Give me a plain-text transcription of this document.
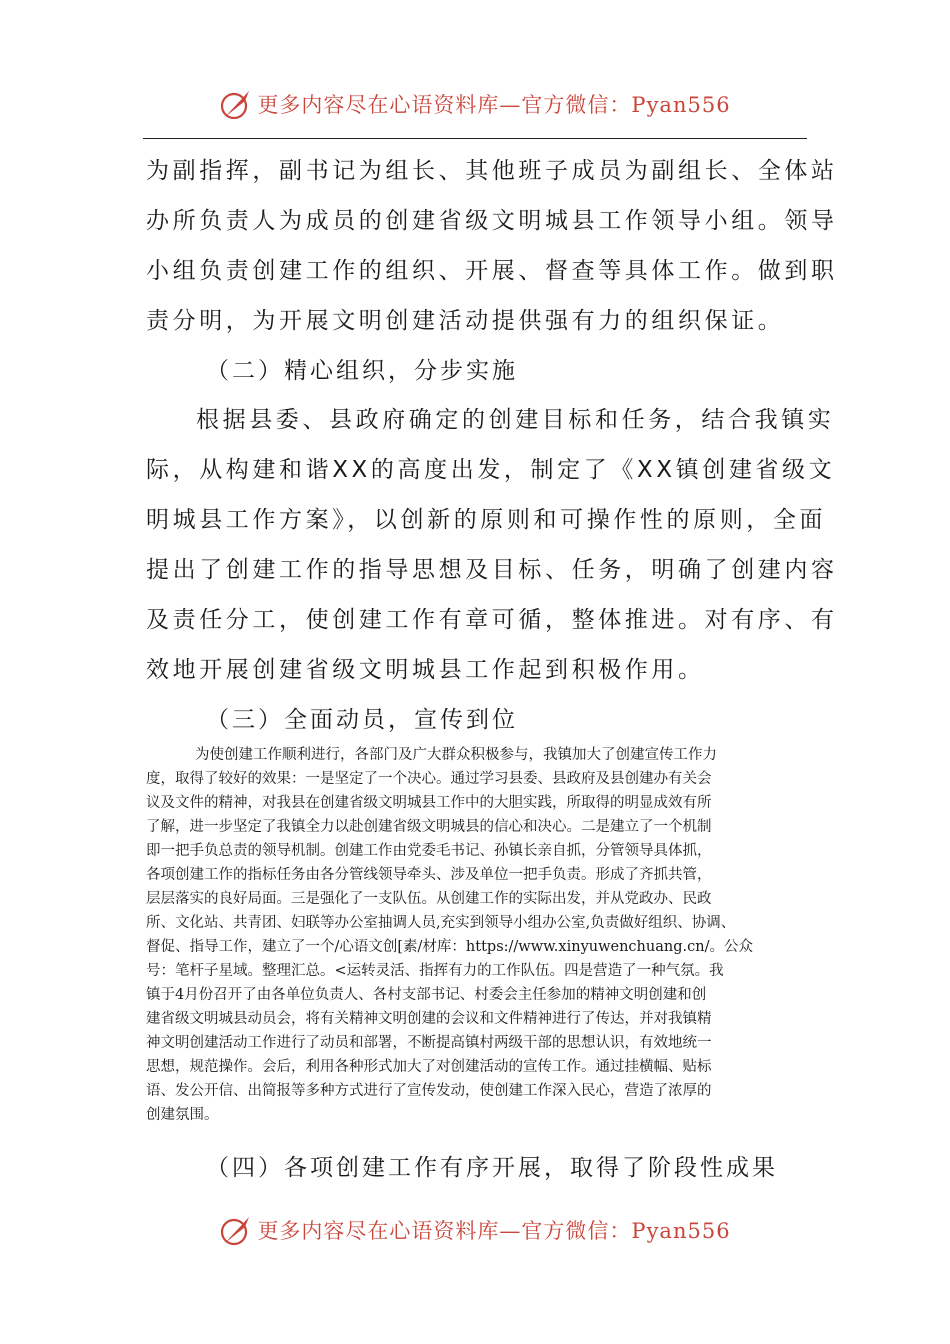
更多内容尽在心语资料库—官方微信：Pyan556
为副指挥，副书记为组长、其他班子成员为副组长、全体站
办所负责人为成员的创建省级文明城县工作领导小组。领导
小组负责创建工作的组织、开展、督查等具体工作。做到职
责分明，为开展文明创建活动提供强有力的组织保证。
（二）精心组织，分步实施
根据县委、县政府确定的创建目标和任务，结合我镇实
际，从构建和谐XX的高度出发，制定了《XX镇创建省级文
明城县工作方案》，以创新的原则和可操作性的原则，全面
提出了创建工作的指导思想及目标、任务，明确了创建内容
及责任分工，使创建工作有章可循，整体推进。对有序、有
效地开展创建省级文明城县工作起到积极作用。
（三）全面动员，宣传到位
为使创建工作顺利进行，各部门及广大群众积极参与，我镇加大了创建宣传工作力
度，取得了较好的效果：一是坚定了一个决心。通过学习县委、县政府及县创建办有关会
议及文件的精神，对我县在创建省级文明城县工作中的大胆实践，所取得的明显成效有所
了解，进一步坚定了我镇全力以赴创建省级文明城县的信心和决心。二是建立了一个机制
即一把手负总责的领导机制。创建工作由党委毛书记、孙镇长亲自抓，分管领导具体抓，
各项创建工作的指标任务由各分管线领导牵头、涉及单位一把手负责。形成了齐抓共管，
层层落实的良好局面。三是强化了一支队伍。从创建工作的实际出发，并从党政办、民政
所、文化站、共青团、妇联等办公室抽调人员,充实到领导小组办公室,负责做好组织、协调、
督促、指导工作，建立了一个/心语文创[素/材库：https://www.xinyuwenchuang.cn/。公众
号：笔杆子星域。整理汇总。<运转灵活、指挥有力的工作队伍。四是营造了一种气氛。我
镇于4月份召开了由各单位负责人、各村支部书记、村委会主任参加的精神文明创建和创
建省级文明城县动员会，将有关精神文明创建的会议和文件精神进行了传达，并对我镇精
神文明创建活动工作进行了动员和部署，不断提高镇村两级干部的思想认识，有效地统一
思想，规范操作。会后，利用各种形式加大了对创建活动的宣传工作。通过挂横幅、贴标
语、发公开信、出简报等多种方式进行了宣传发动，使创建工作深入民心，营造了浓厚的
创建氛围。
（四）各项创建工作有序开展，取得了阶段性成果
更多内容尽在心语资料库—官方微信：Pyan556
